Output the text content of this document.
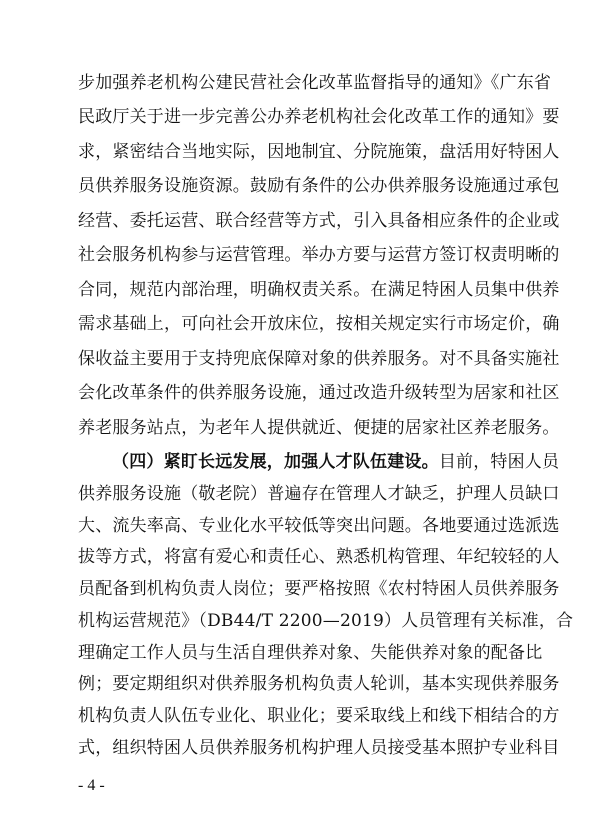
步加强养老机构公建民营社会化改革监督指导的通知》《广东省
民政厅关于进一步完善公办养老机构社会化改革工作的通知》要
求，紧密结合当地实际，因地制宜、分院施策，盘活用好特困人
员供养服务设施资源。鼓励有条件的公办供养服务设施通过承包
经营、委托运营、联合经营等方式，引入具备相应条件的企业或
社会服务机构参与运营管理。举办方要与运营方签订权责明晰的
合同，规范内部治理，明确权责关系。在满足特困人员集中供养
需求基础上，可向社会开放床位，按相关规定实行市场定价，确
保收益主要用于支持兜底保障对象的供养服务。对不具备实施社
会化改革条件的供养服务设施，通过改造升级转型为居家和社区
养老服务站点，为老年人提供就近、便捷的居家社区养老服务。
（四）紧盯长远发展，加强人才队伍建设。目前，特困人员
供养服务设施（敬老院）普遍存在管理人才缺乏，护理人员缺口
大、流失率高、专业化水平较低等突出问题。各地要通过选派选
拔等方式，将富有爱心和责任心、熟悉机构管理、年纪较轻的人
员配备到机构负责人岗位；要严格按照《农村特困人员供养服务
机构运营规范》（DB44/T 2200—2019）人员管理有关标准，合
理确定工作人员与生活自理供养对象、失能供养对象的配备比
例；要定期组织对供养服务机构负责人轮训，基本实现供养服务
机构负责人队伍专业化、职业化；要采取线上和线下相结合的方
式，组织特困人员供养服务机构护理人员接受基本照护专业科目
- 4 -
